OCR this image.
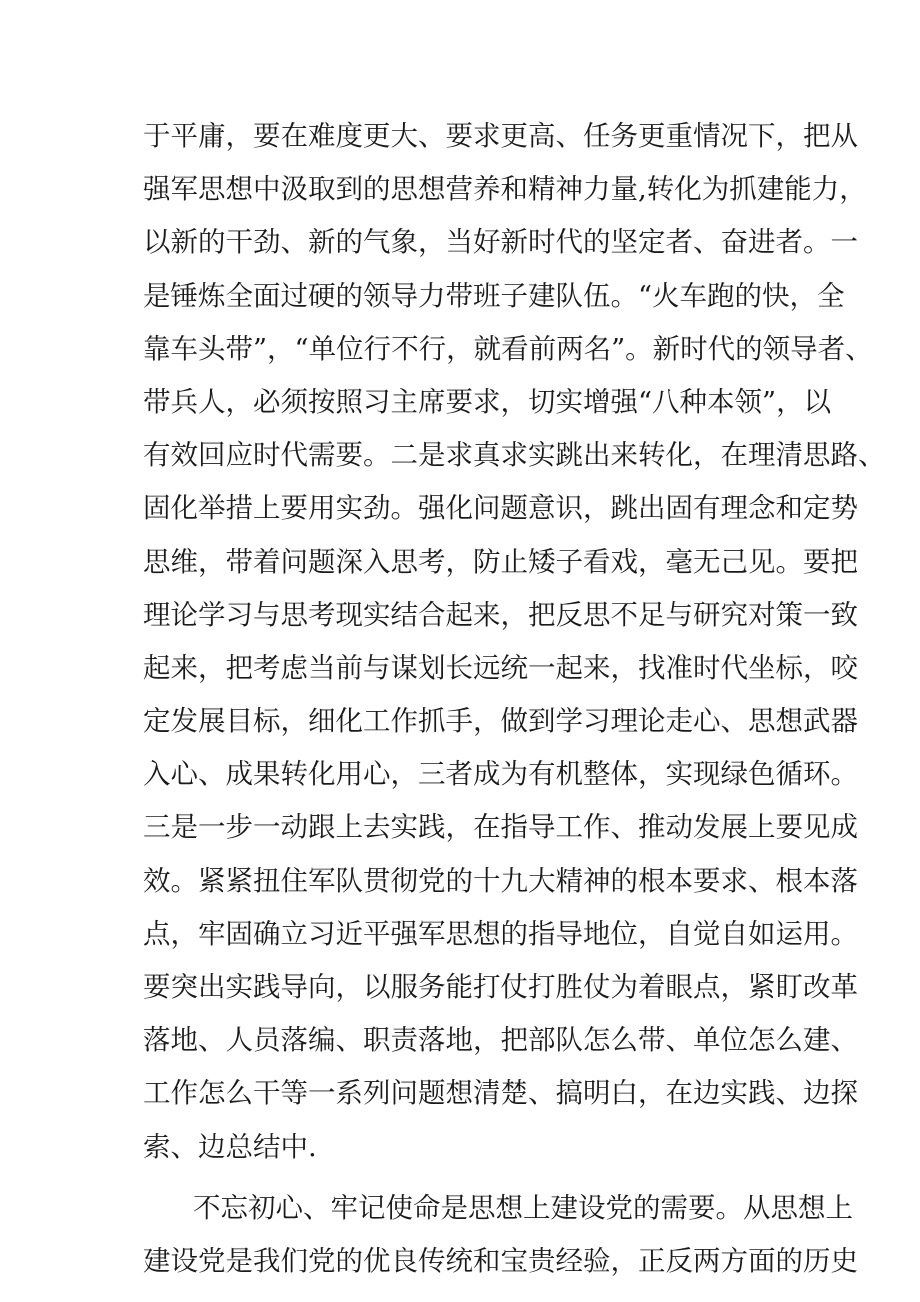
于平庸，要在难度更大、要求更高、任务更重情况下，把从
强军思想中汲取到的思想营养和精神力量,转化为抓建能力，
以新的干劲、新的气象，当好新时代的坚定者、奋进者。一
是锤炼全面过硬的领导力带班子建队伍。“火车跑的快，全
靠车头带”，“单位行不行，就看前两名”。新时代的领导者、
带兵人，必须按照习主席要求，切实增强“八种本领”，以
有效回应时代需要。二是求真求实跳出来转化，在理清思路、
固化举措上要用实劲。强化问题意识，跳出固有理念和定势
思维，带着问题深入思考，防止矮子看戏，毫无己见。要把
理论学习与思考现实结合起来，把反思不足与研究对策一致
起来，把考虑当前与谋划长远统一起来，找准时代坐标，咬
定发展目标，细化工作抓手，做到学习理论走心、思想武器
入心、成果转化用心，三者成为有机整体，实现绿色循环。
三是一步一动跟上去实践，在指导工作、推动发展上要见成
效。紧紧扭住军队贯彻党的十九大精神的根本要求、根本落
点，牢固确立习近平强军思想的指导地位，自觉自如运用。
要突出实践导向，以服务能打仗打胜仗为着眼点，紧盯改革
落地、人员落编、职责落地，把部队怎么带、单位怎么建、
工作怎么干等一系列问题想清楚、搞明白，在边实践、边探
索、边总结中.
不忘初心、牢记使命是思想上建设党的需要。从思想上
建设党是我们党的优良传统和宝贵经验，正反两方面的历史
